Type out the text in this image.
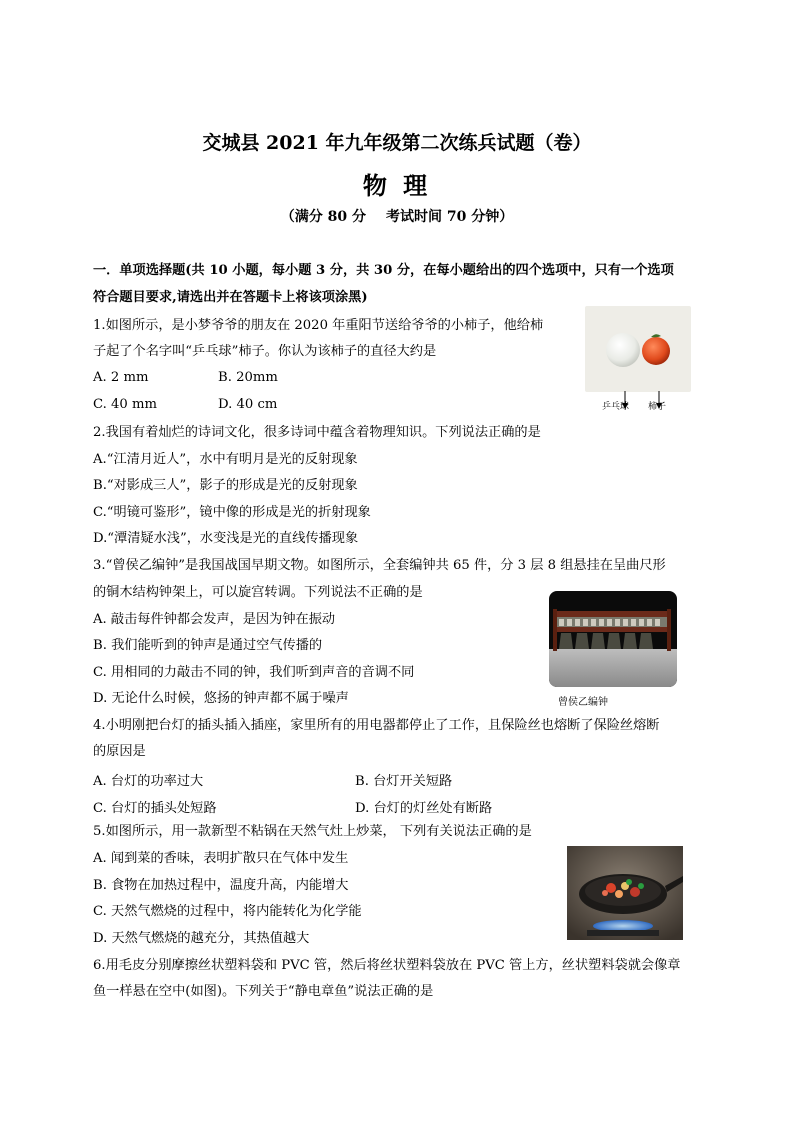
交城县 2021 年九年级第二次练兵试题（卷）
物 理
（满分 80 分 考试时间 70 分钟）
一．单项选择题(共 10 小题，每小题 3 分，共 30 分，在每小题给出的四个选项中，只有一个选项
符合题目要求,请选出并在答题卡上将该项涂黑)
1.如图所示，是小梦爷爷的朋友在 2020 年重阳节送给爷爷的小柿子，他给柿
子起了个名字叫“乒乓球”柿子。你认为该柿子的直径大约是
A. 2 mm	B. 20mm
C. 40 mm	D. 40 cm	乒乓球 柿子
2.我国有着灿烂的诗词文化，很多诗词中蕴含着物理知识。下列说法正确的是
A.“江清月近人”，水中有明月是光的反射现象
B.“对影成三人”，影子的形成是光的反射现象
C.“明镜可鉴形”，镜中像的形成是光的折射现象
D.“潭清疑水浅”，水变浅是光的直线传播现象
3.“曾侯乙编钟”是我国战国早期文物。如图所示，全套编钟共 65 件，分 3 层 8 组悬挂在呈曲尺形
的铜木结构钟架上，可以旋宫转调。下列说法不正确的是
A. 敲击每件钟都会发声，是因为钟在振动
B. 我们能听到的钟声是通过空气传播的
C. 用相同的力敲击不同的钟，我们听到声音的音调不同
D. 无论什么时候，悠扬的钟声都不属于噪声	曾侯乙编钟
4.小明刚把台灯的插头插入插座，家里所有的用电器都停止了工作，且保险丝也熔断了保险丝熔断
的原因是
A. 台灯的功率过大	B. 台灯开关短路
C. 台灯的插头处短路	D. 台灯的灯丝处有断路
5.如图所示，用一款新型不粘锅在天然气灶上炒菜， 下列有关说法正确的是
A. 闻到菜的香味，表明扩散只在气体中发生
B. 食物在加热过程中，温度升高，内能增大
C. 天然气燃烧的过程中，将内能转化为化学能
D. 天然气燃烧的越充分，其热值越大
6.用毛皮分别摩擦丝状塑料袋和 PVC 管，然后将丝状塑料袋放在 PVC 管上方，丝状塑料袋就会像章
鱼一样悬在空中(如图)。下列关于“静电章鱼”说法正确的是
